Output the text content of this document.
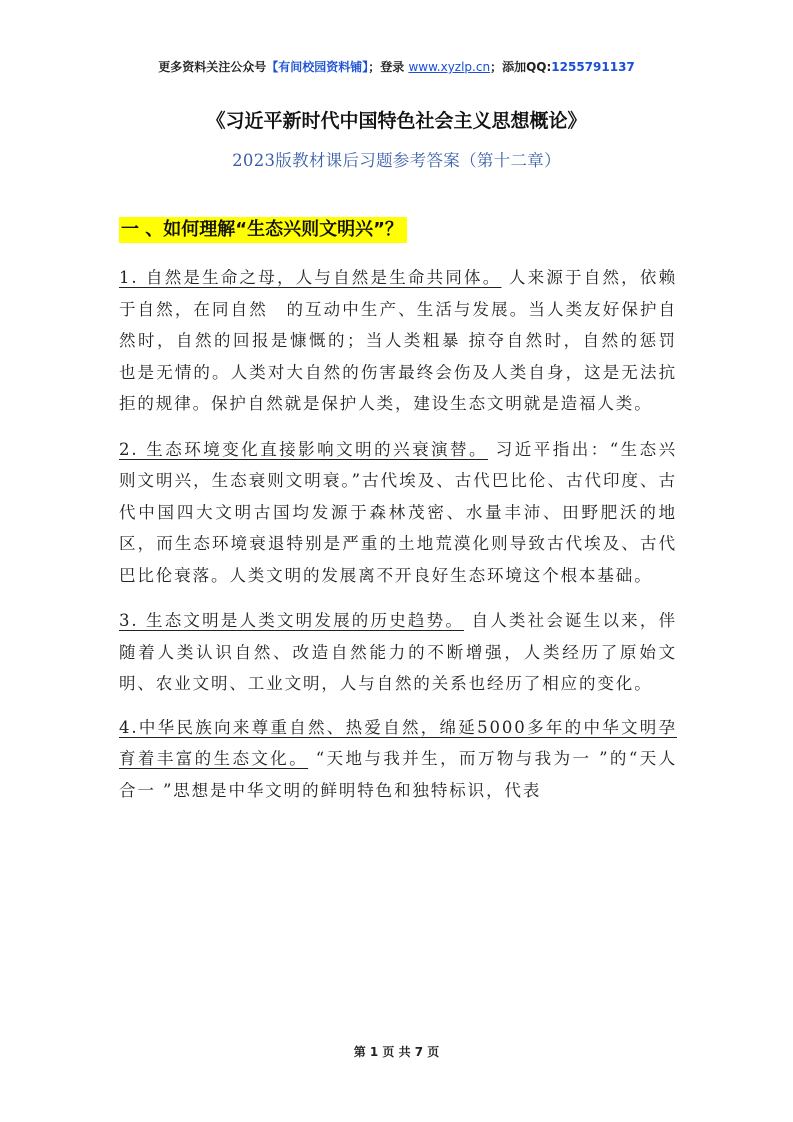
更多资料关注公众号【有间校园资料铺】；登录 www.xyzlp.cn；添加QQ:1255791137
《习近平新时代中国特色社会主义思想概论》
2023版教材课后习题参考答案（第十二章）
一 、如何理解“生态兴则文明兴”？

1. 自然是生命之母，人与自然是生命共同体。 人来源于自然，依赖于自然，在同自然　的互动中生产、生活与发展。当人类友好保护自然时，自然的回报是慷慨的；当人类粗暴 掠夺自然时，自然的惩罚也是无情的。人类对大自然的伤害最终会伤及人类自身，这是无法抗拒的规律。保护自然就是保护人类，建设生态文明就是造福人类。

2. 生态环境变化直接影响文明的兴衰演替。 习近平指出：“生态兴则文明兴，生态衰则文明衰。”古代埃及、古代巴比伦、古代印度、古代中国四大文明古国均发源于森林茂密、水量丰沛、田野肥沃的地区，而生态环境衰退特别是严重的土地荒漠化则导致古代埃及、古代巴比伦衰落。人类文明的发展离不开良好生态环境这个根本基础。

3. 生态文明是人类文明发展的历史趋势。 自人类社会诞生以来，伴随着人类认识自然、改造自然能力的不断增强，人类经历了原始文明、农业文明、工业文明，人与自然的关系也经历了相应的变化。

4.中华民族向来尊重自然、热爱自然，绵延5000多年的中华文明孕育着丰富的生态文化。 “天地与我并生，而万物与我为一 ”的“天人合一 ”思想是中华文明的鲜明特色和独特标识，代表

第 1 页 共 7 页
